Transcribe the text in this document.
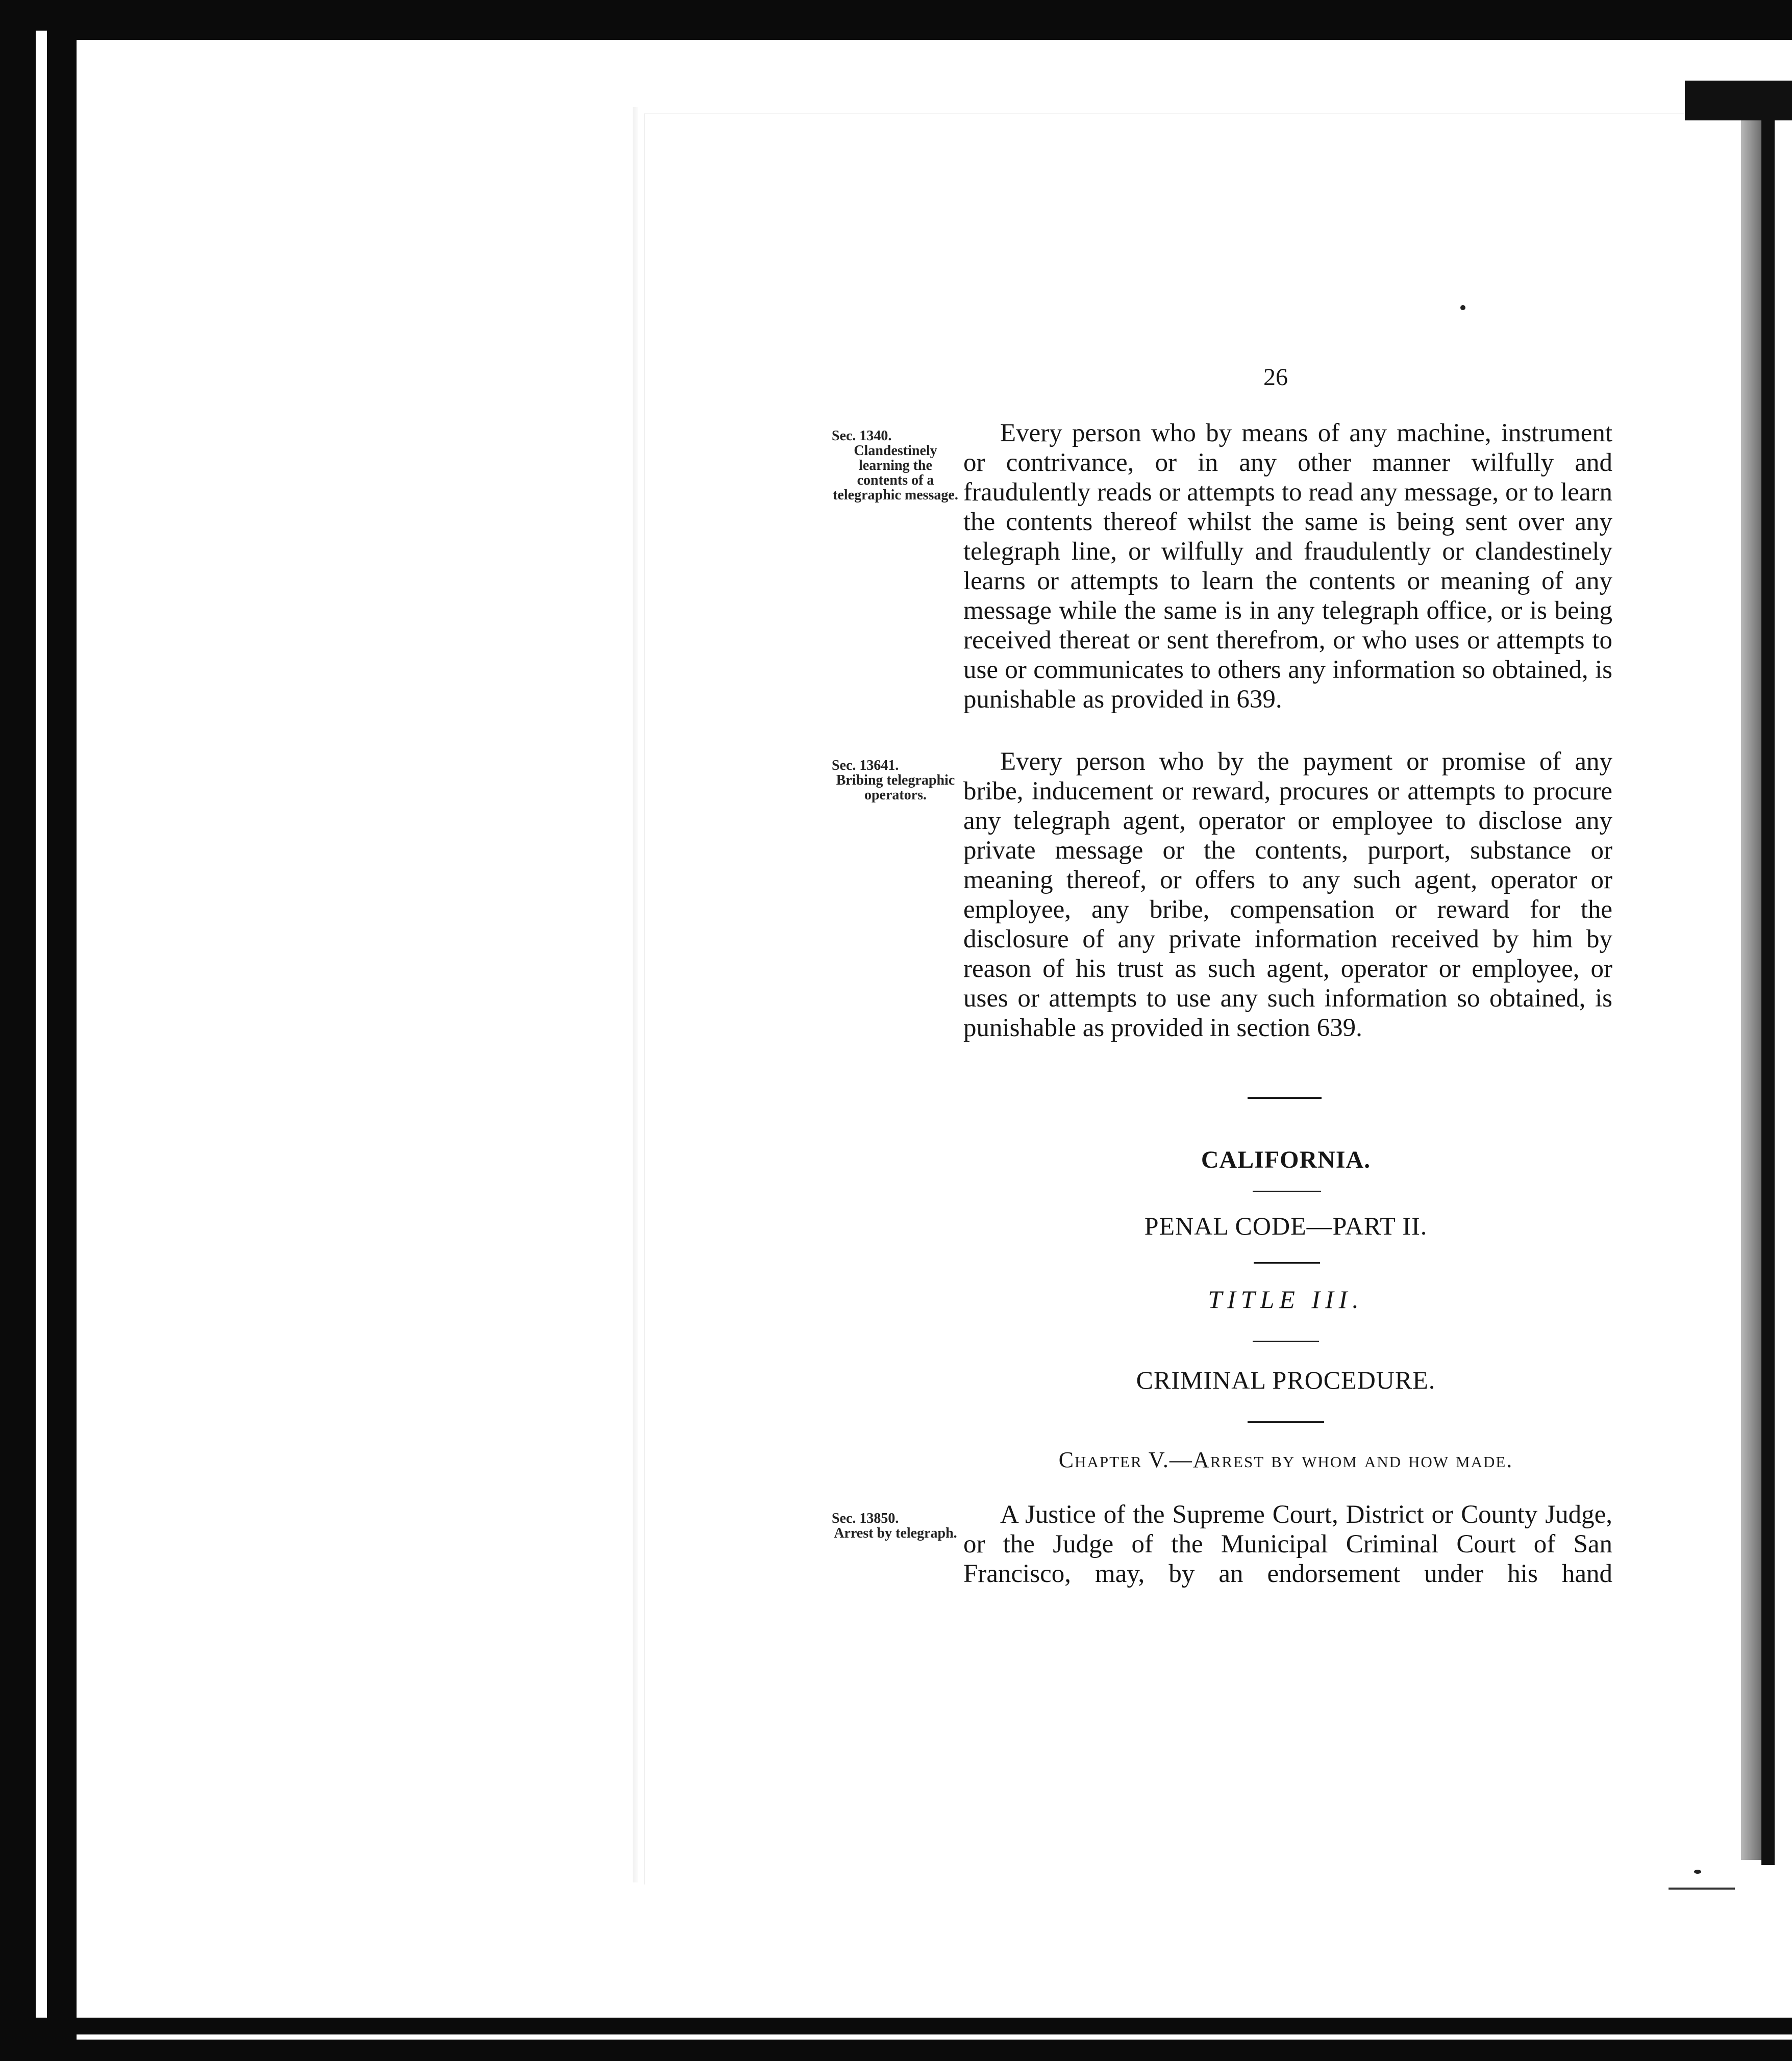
26
Sec. 1340.
Clandestinely learning the contents of a telegraphic message.

Every person who by means of any machine, instrument or contrivance, or in any other manner wilfully and fraudulently reads or attempts to read any message, or to learn the contents thereof whilst the same is being sent over any telegraph line, or wilfully and fraudulently or clandestinely learns or attempts to learn the contents or meaning of any message while the same is in any telegraph office, or is being received thereat or sent therefrom, or who uses or attempts to use or communicates to others any information so obtained, is punishable as provided in 639.

Sec. 13641.
Bribing telegraphic operators.

Every person who by the payment or promise of any bribe, inducement or reward, procures or attempts to procure any telegraph agent, operator or employee to disclose any private message or the contents, purport, substance or meaning thereof, or offers to any such agent, operator or employee, any bribe, compensation or reward for the disclosure of any private information received by him by reason of his trust as such agent, operator or employee, or uses or attempts to use any such information so obtained, is punishable as provided in section 639.

CALIFORNIA.
PENAL CODE—PART II.
TITLE III.
CRIMINAL PROCEDURE.
Chapter V.—Arrest by whom and how made.
Sec. 13850.
Arrest by telegraph.

A Justice of the Supreme Court, District or County Judge, or the Judge of the Municipal Criminal Court of San Francisco, may, by an endorsement under his hand
